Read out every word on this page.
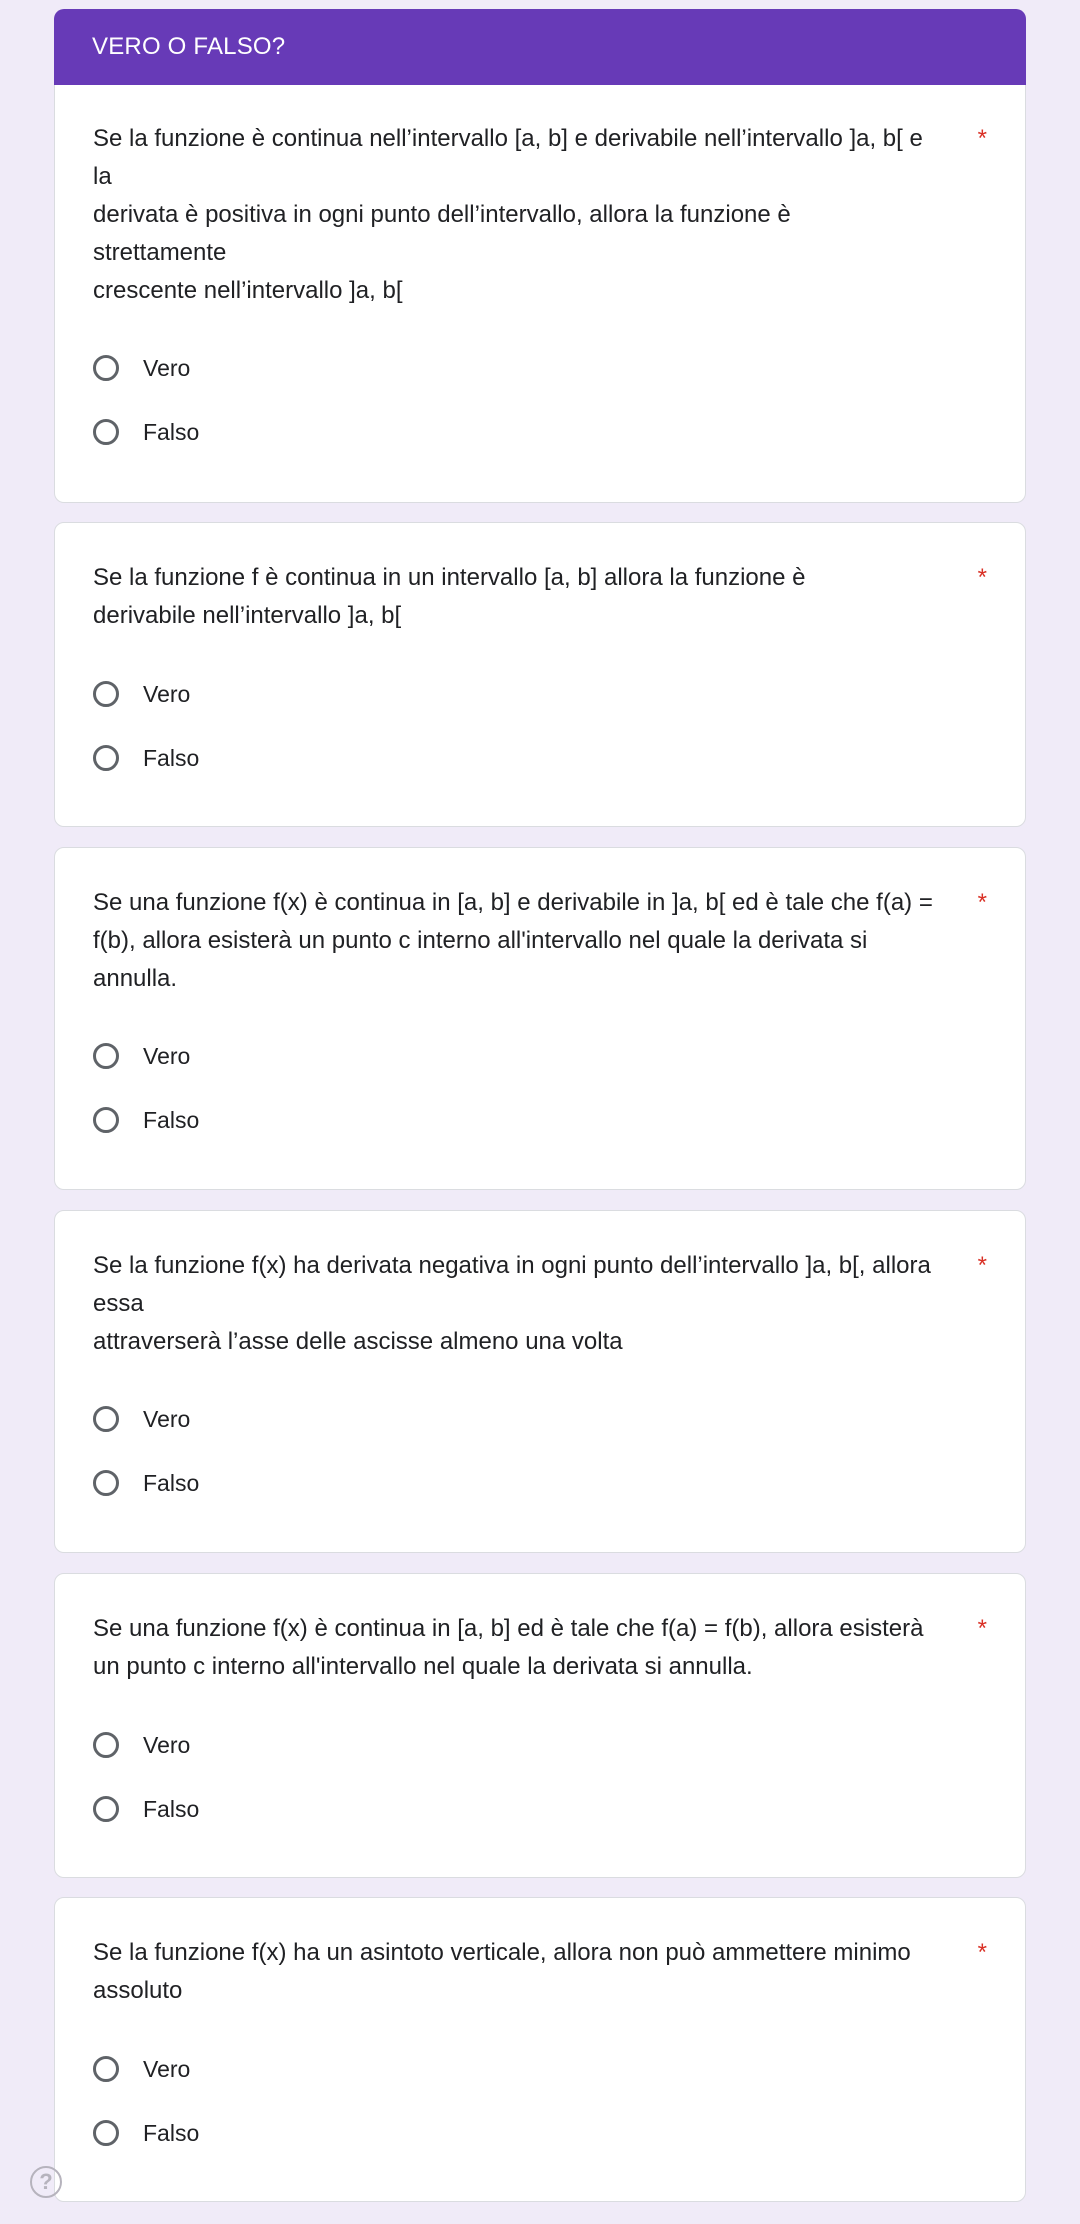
VERO O FALSO?
Se la funzione è continua nell’intervallo [a, b] e derivabile nell’intervallo ]a, b[ e
la
derivata è positiva in ogni punto dell’intervallo, allora la funzione è
strettamente
crescente nell’intervallo ]a, b[
*
Vero
Falso
Se la funzione f è continua in un intervallo [a, b] allora la funzione è
derivabile nell’intervallo ]a, b[
*
Vero
Falso
Se una funzione f(x) è continua in [a, b] e derivabile in ]a, b[ ed è tale che f(a) =
f(b), allora esisterà un punto c interno all'intervallo nel quale la derivata si
annulla.
*
Vero
Falso
Se la funzione f(x) ha derivata negativa in ogni punto dell’intervallo ]a, b[, allora
essa
attraverserà l’asse delle ascisse almeno una volta
*
Vero
Falso
Se una funzione f(x) è continua in [a, b] ed è tale che f(a) = f(b), allora esisterà
un punto c interno all'intervallo nel quale la derivata si annulla.
*
Vero
Falso
Se la funzione f(x) ha un asintoto verticale, allora non può ammettere minimo
assoluto
*
Vero
Falso
?
